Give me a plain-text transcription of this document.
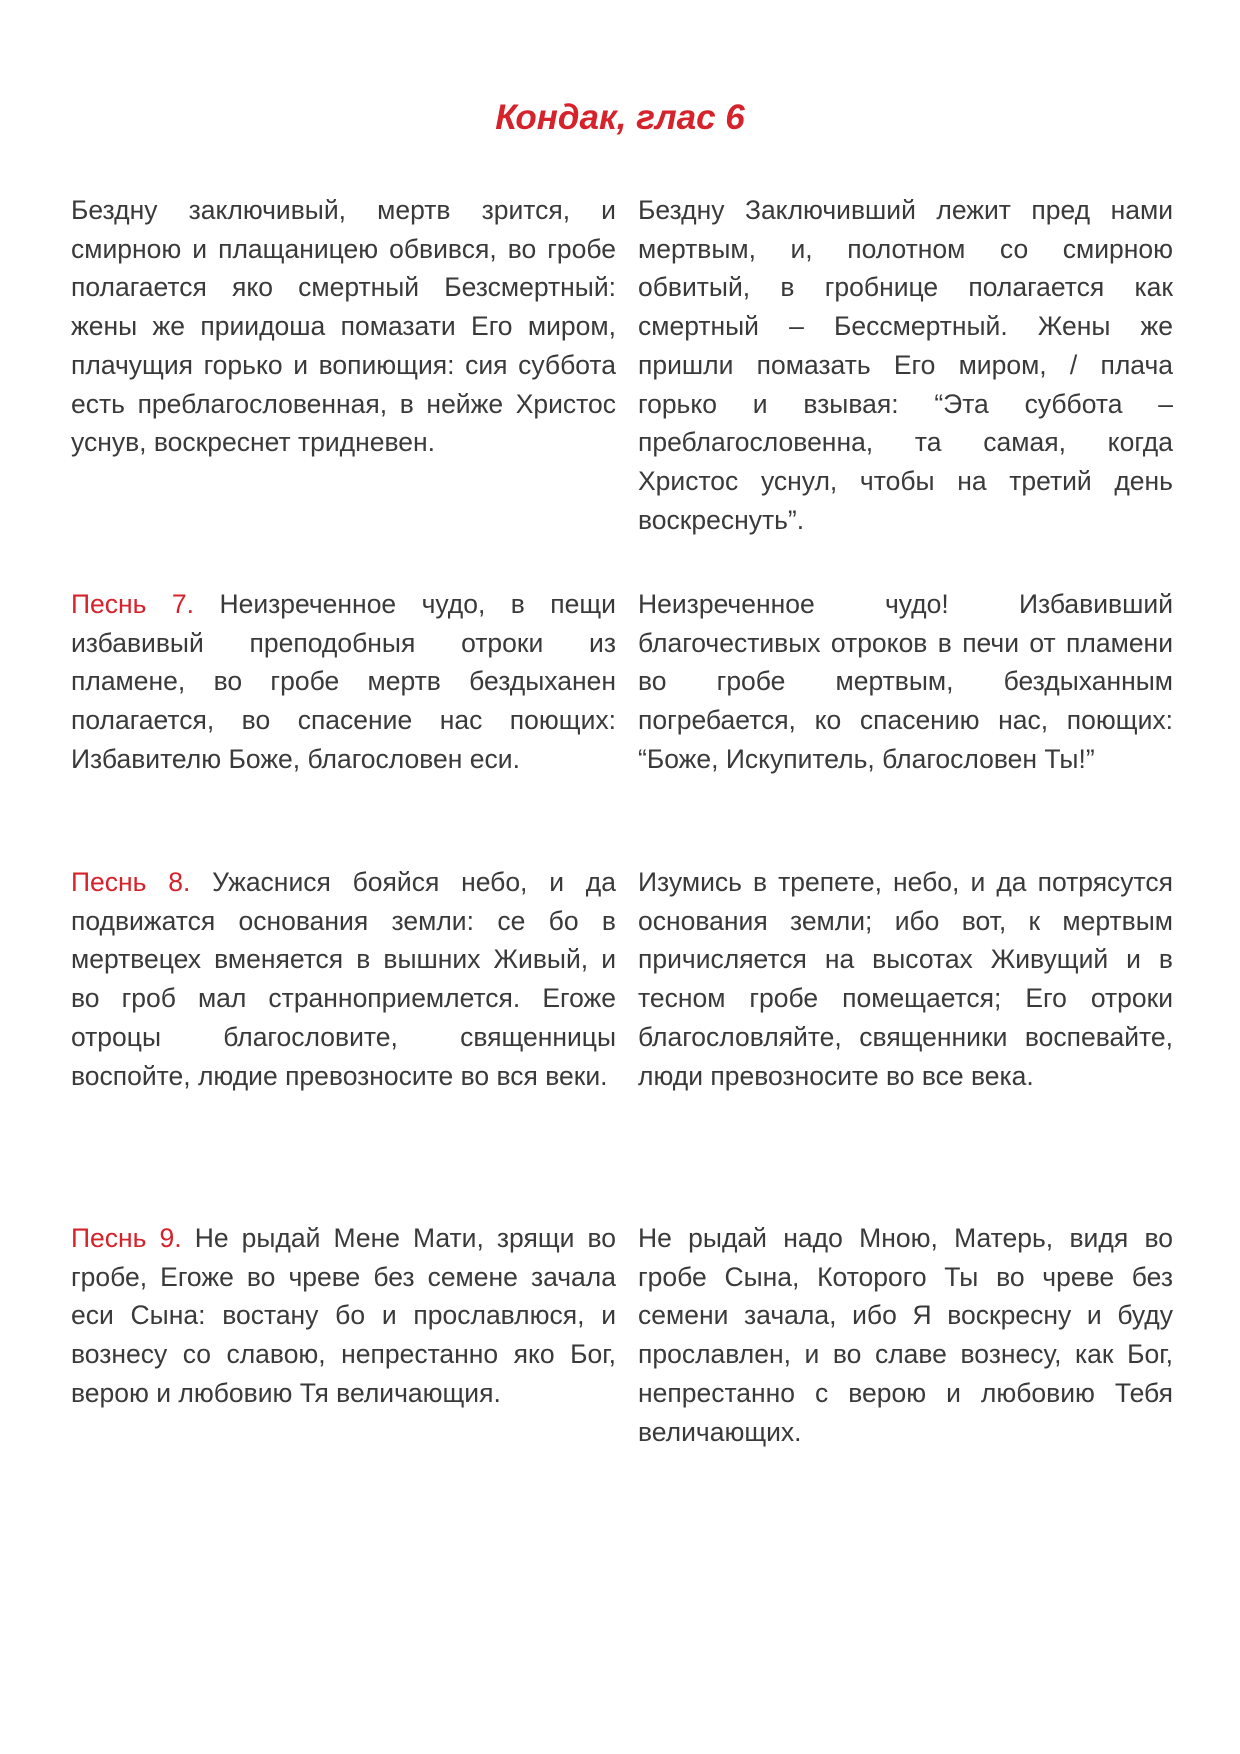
Кондак, глас 6

Бездну заключивый, мертв зрится, и смирною и плащаницею обвився, во гробе полагается яко смертный Безсмертный: жены же приидоша помазати Его миром, плачущия горько и вопиющия: сия суббота есть преблагословенная, в нейже Христос уснув, воскреснет тридневен.

Бездну Заключивший лежит пред нами мертвым, и, полотном со смирною обвитый, в гробнице полагается как смертный – Бессмертный. Жены же пришли помазать Его миром, / плача горько и взывая: “Эта суббота – преблагословенна, та самая, когда Христос уснул, чтобы на третий день воскреснуть”.

Песнь 7. Неизреченное чудо, в пещи избавивый преподобныя отроки из пламене, во гробе мертв бездыханен полагается, во спасение нас поющих: Избавителю Боже, благословен еси.

Неизреченное чудо! Избавивший благочестивых отроков в печи от пламени во гробе мертвым, бездыханным погребается, ко спасению нас, поющих: “Боже, Искупитель, благословен Ты!”

Песнь 8. Ужаснися бояйся небо, и да подвижатся основания земли: се бо в мертвецех вменяется в вышних Живый, и во гроб мал странноприемлется. Егоже отроцы благословите, священницы воспойте, людие превозносите во вся веки.

Изумись в трепете, небо, и да потрясутся основания земли; ибо вот, к мертвым причисляется на высотах Живущий и в тесном гробе помещается; Его отроки благословляйте, священники воспевайте, люди превозносите во все века.

Песнь 9. Не рыдай Мене Мати, зрящи во гробе, Егоже во чреве без семене зачала еси Сына: востану бо и прославлюся, и вознесу со славою, непрестанно яко Бог, верою и любовию Тя величающия.

Не рыдай надо Мною, Матерь, видя во гробе Сына, Которого Ты во чреве без семени зачала, ибо Я воскресну и буду прославлен, и во славе вознесу, как Бог, непрестанно с верою и любовию Тебя величающих.
